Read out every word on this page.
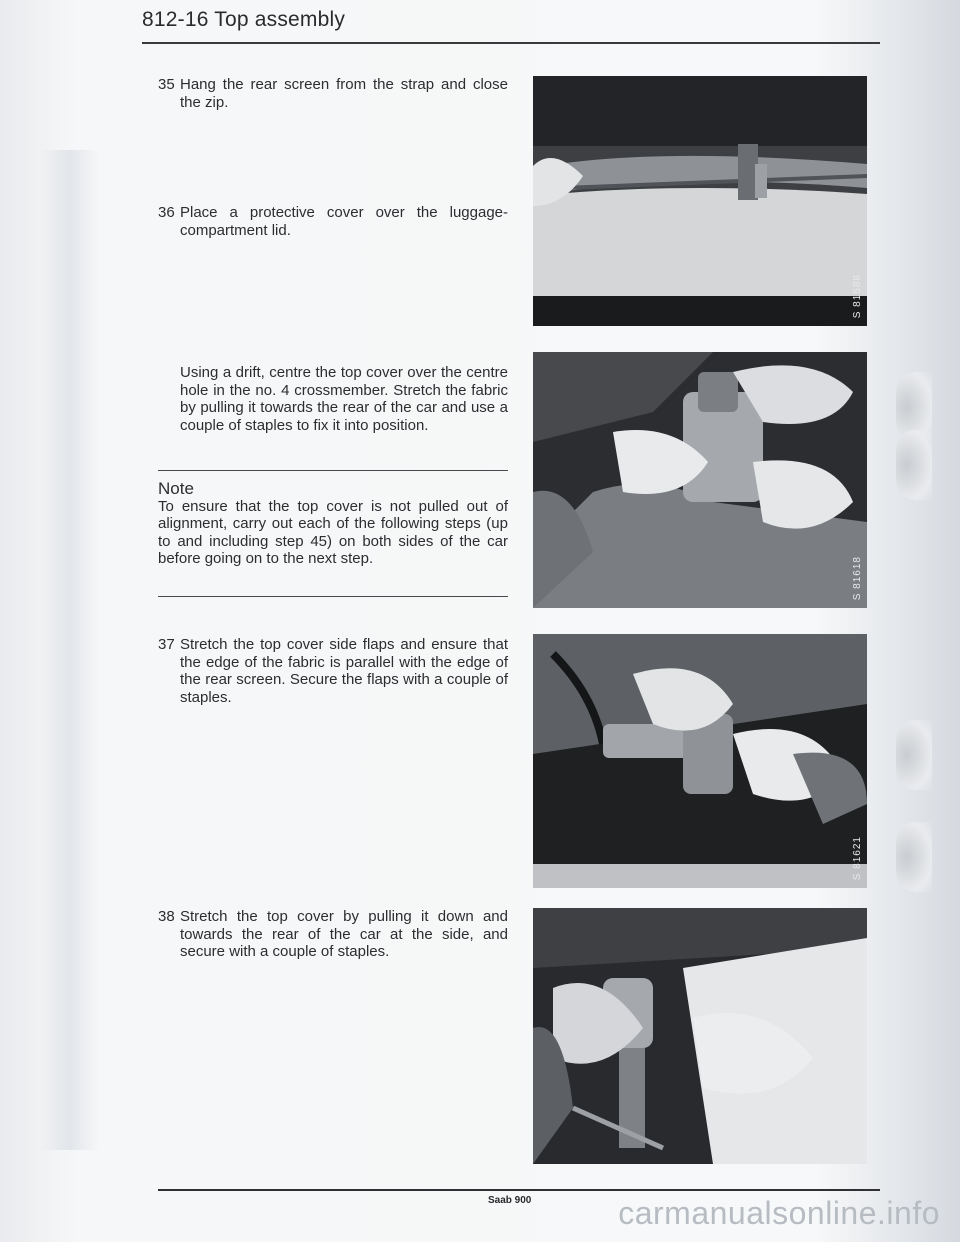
812-16 Top assembly
35 Hang the rear screen from the strap and close the zip.
36 Place a protective cover over the luggage-compartment lid.
Using a drift, centre the top cover over the centre hole in the no. 4 crossmember. Stretch the fabric by pulling it towards the rear of the car and use a couple of staples to fix it into position.
Note
To ensure that the top cover is not pulled out of alignment, carry out each of the following steps (up to and including step 45) on both sides of the car before going on to the next step.
37 Stretch the top cover side flaps and ensure that the edge of the fabric is parallel with the edge of the rear screen. Secure the flaps with a couple of staples.
38 Stretch the top cover by pulling it down and towards the rear of the car at the side, and secure with a couple of staples.
S 81588
S 81618
S 81621
S 81620
Saab 900	carmanualsonline.info
